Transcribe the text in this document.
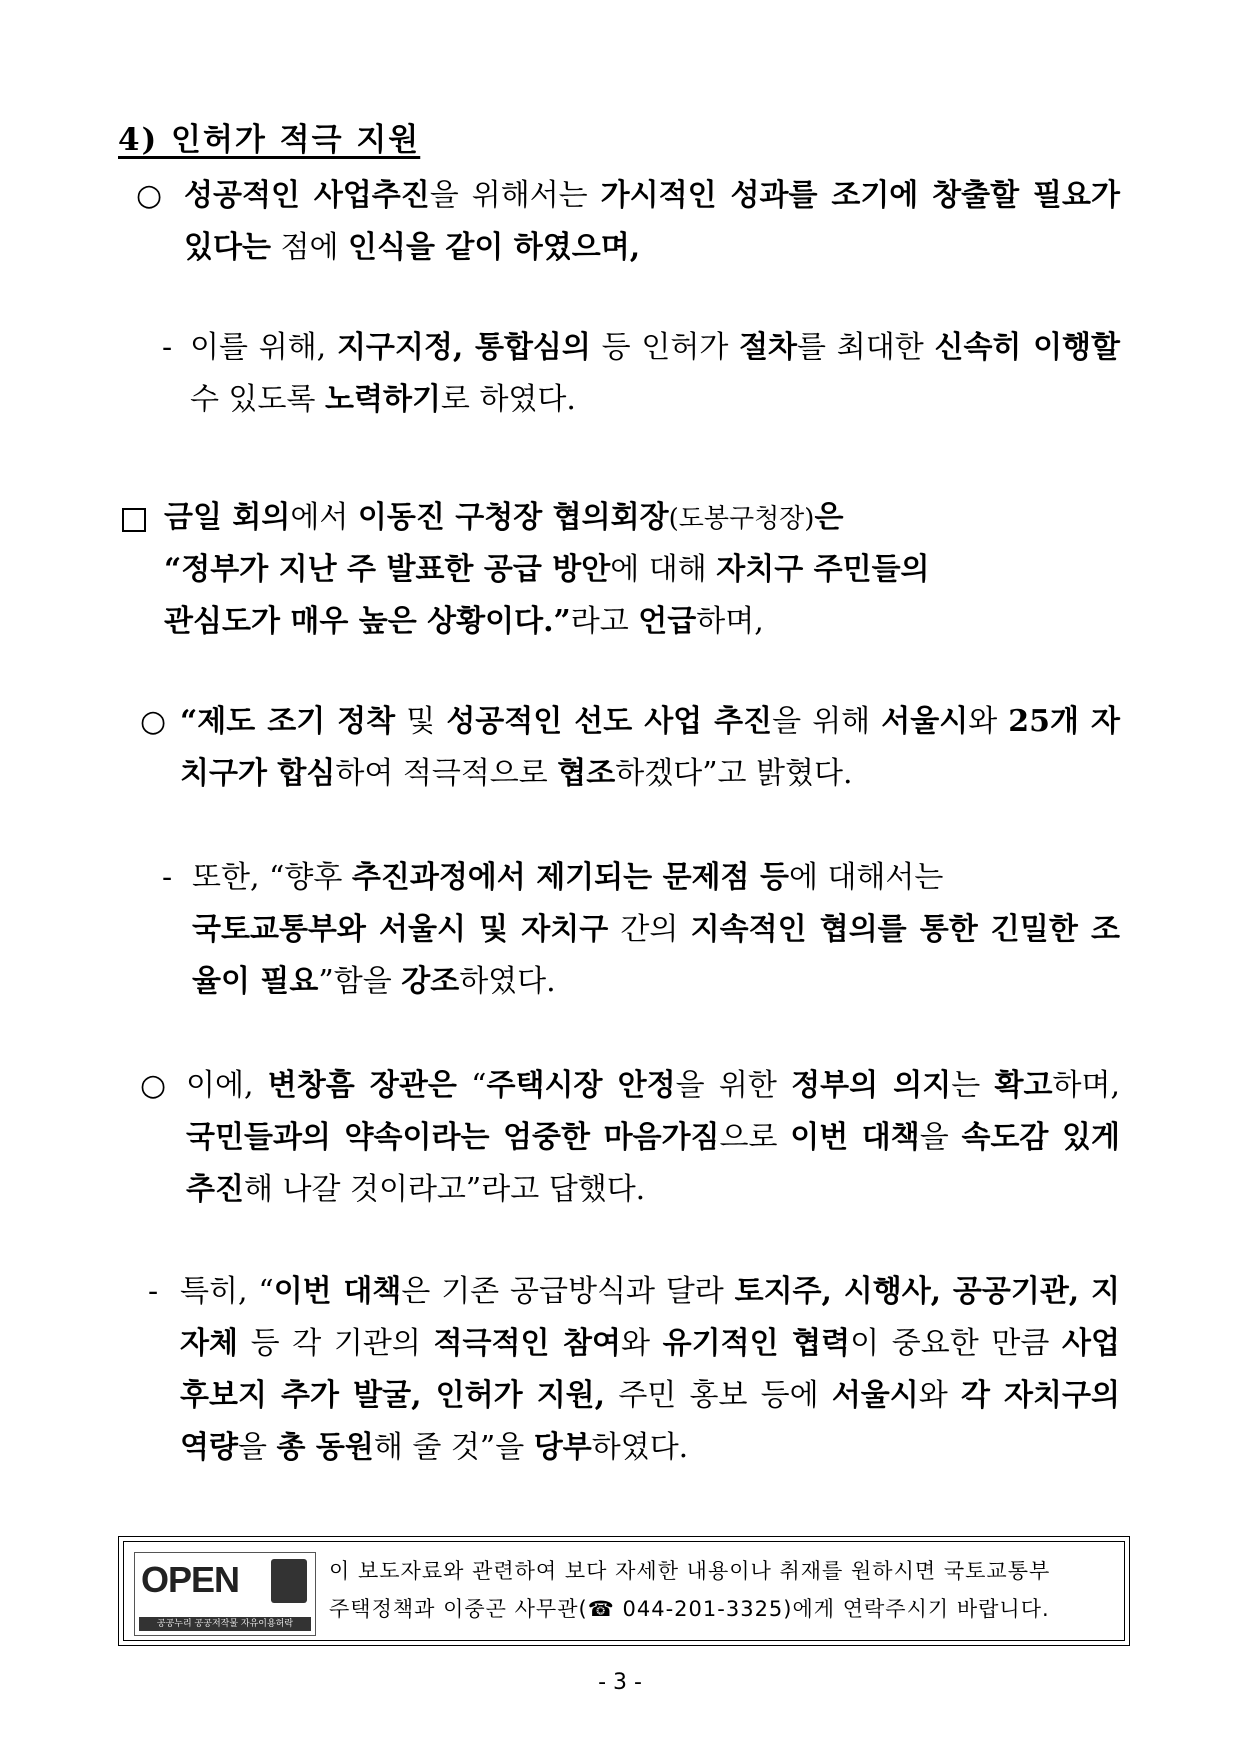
4) 인허가 적극 지원
○ 성공적인 사업추진을 위해서는 가시적인 성과를 조기에 창출할 필요가 있다는 점에 인식을 같이 하였으며,
- 이를 위해, 지구지정, 통합심의 등 인허가 절차를 최대한 신속히 이행할 수 있도록 노력하기로 하였다.
금일 회의에서 이동진 구청장 협의회장(도봉구청장)은
“정부가 지난 주 발표한 공급 방안에 대해 자치구 주민들의
관심도가 매우 높은 상황이다.”라고 언급하며,
○ “제도 조기 정착 및 성공적인 선도 사업 추진을 위해 서울시와 25개 자치구가 합심하여 적극적으로 협조하겠다”고 밝혔다.
- 또한, “향후 추진과정에서 제기되는 문제점 등에 대해서는
국토교통부와 서울시 및 자치구 간의 지속적인 협의를 통한 긴밀한 조율이 필요”함을 강조하였다.
○ 이에, 변창흠 장관은 “주택시장 안정을 위한 정부의 의지는 확고하며, 국민들과의 약속이라는 엄중한 마음가짐으로 이번 대책을 속도감 있게 추진해 나갈 것이라고”라고 답했다.
- 특히, “이번 대책은 기존 공급방식과 달라 토지주, 시행사, 공공기관, 지자체 등 각 기관의 적극적인 참여와 유기적인 협력이 중요한 만큼 사업 후보지 추가 발굴, 인허가 지원, 주민 홍보 등에 서울시와 각 자치구의 역량을 총 동원해 줄 것”을 당부하였다.
OPEN
공공누리 공공저작물 자유이용허락
이 보도자료와 관련하여 보다 자세한 내용이나 취재를 원하시면 국토교통부
주택정책과 이중곤 사무관(☎ 044-201-3325)에게 연락주시기 바랍니다.
- 3 -
